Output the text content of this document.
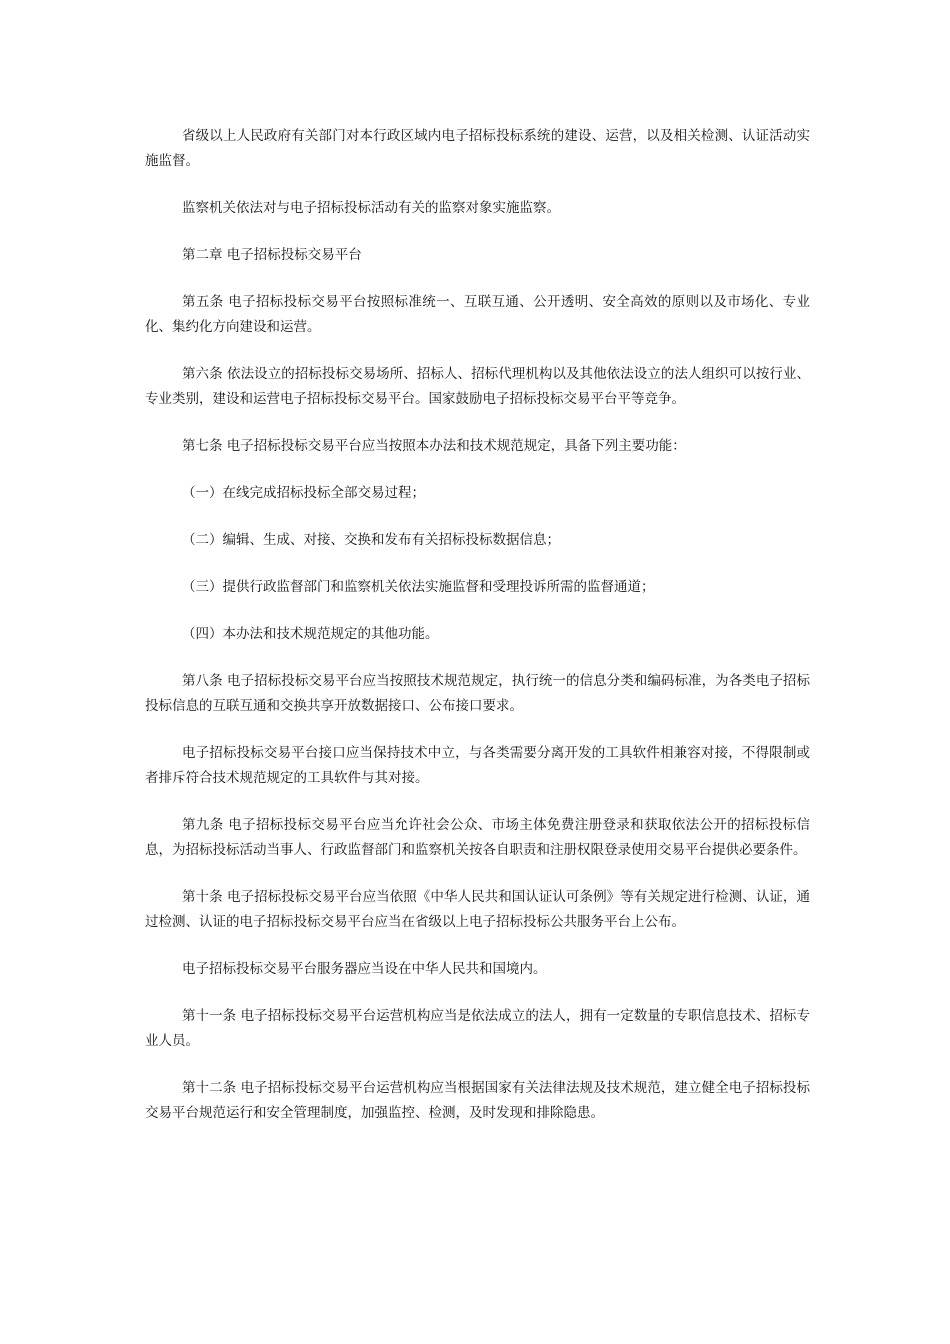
省级以上人民政府有关部门对本行政区域内电子招标投标系统的建设、运营，以及相关检测、认证活动实施监督。

监察机关依法对与电子招标投标活动有关的监察对象实施监察。

第二章 电子招标投标交易平台

第五条 电子招标投标交易平台按照标准统一、互联互通、公开透明、安全高效的原则以及市场化、专业化、集约化方向建设和运营。

第六条 依法设立的招标投标交易场所、招标人、招标代理机构以及其他依法设立的法人组织可以按行业、专业类别，建设和运营电子招标投标交易平台。国家鼓励电子招标投标交易平台平等竞争。

第七条 电子招标投标交易平台应当按照本办法和技术规范规定，具备下列主要功能：

（一）在线完成招标投标全部交易过程；

（二）编辑、生成、对接、交换和发布有关招标投标数据信息；

（三）提供行政监督部门和监察机关依法实施监督和受理投诉所需的监督通道；

（四）本办法和技术规范规定的其他功能。

第八条 电子招标投标交易平台应当按照技术规范规定，执行统一的信息分类和编码标准，为各类电子招标投标信息的互联互通和交换共享开放数据接口、公布接口要求。

电子招标投标交易平台接口应当保持技术中立，与各类需要分离开发的工具软件相兼容对接，不得限制或者排斥符合技术规范规定的工具软件与其对接。

第九条 电子招标投标交易平台应当允许社会公众、市场主体免费注册登录和获取依法公开的招标投标信息，为招标投标活动当事人、行政监督部门和监察机关按各自职责和注册权限登录使用交易平台提供必要条件。

第十条 电子招标投标交易平台应当依照《中华人民共和国认证认可条例》等有关规定进行检测、认证，通过检测、认证的电子招标投标交易平台应当在省级以上电子招标投标公共服务平台上公布。

电子招标投标交易平台服务器应当设在中华人民共和国境内。

第十一条 电子招标投标交易平台运营机构应当是依法成立的法人，拥有一定数量的专职信息技术、招标专业人员。

第十二条 电子招标投标交易平台运营机构应当根据国家有关法律法规及技术规范，建立健全电子招标投标交易平台规范运行和安全管理制度，加强监控、检测，及时发现和排除隐患。
